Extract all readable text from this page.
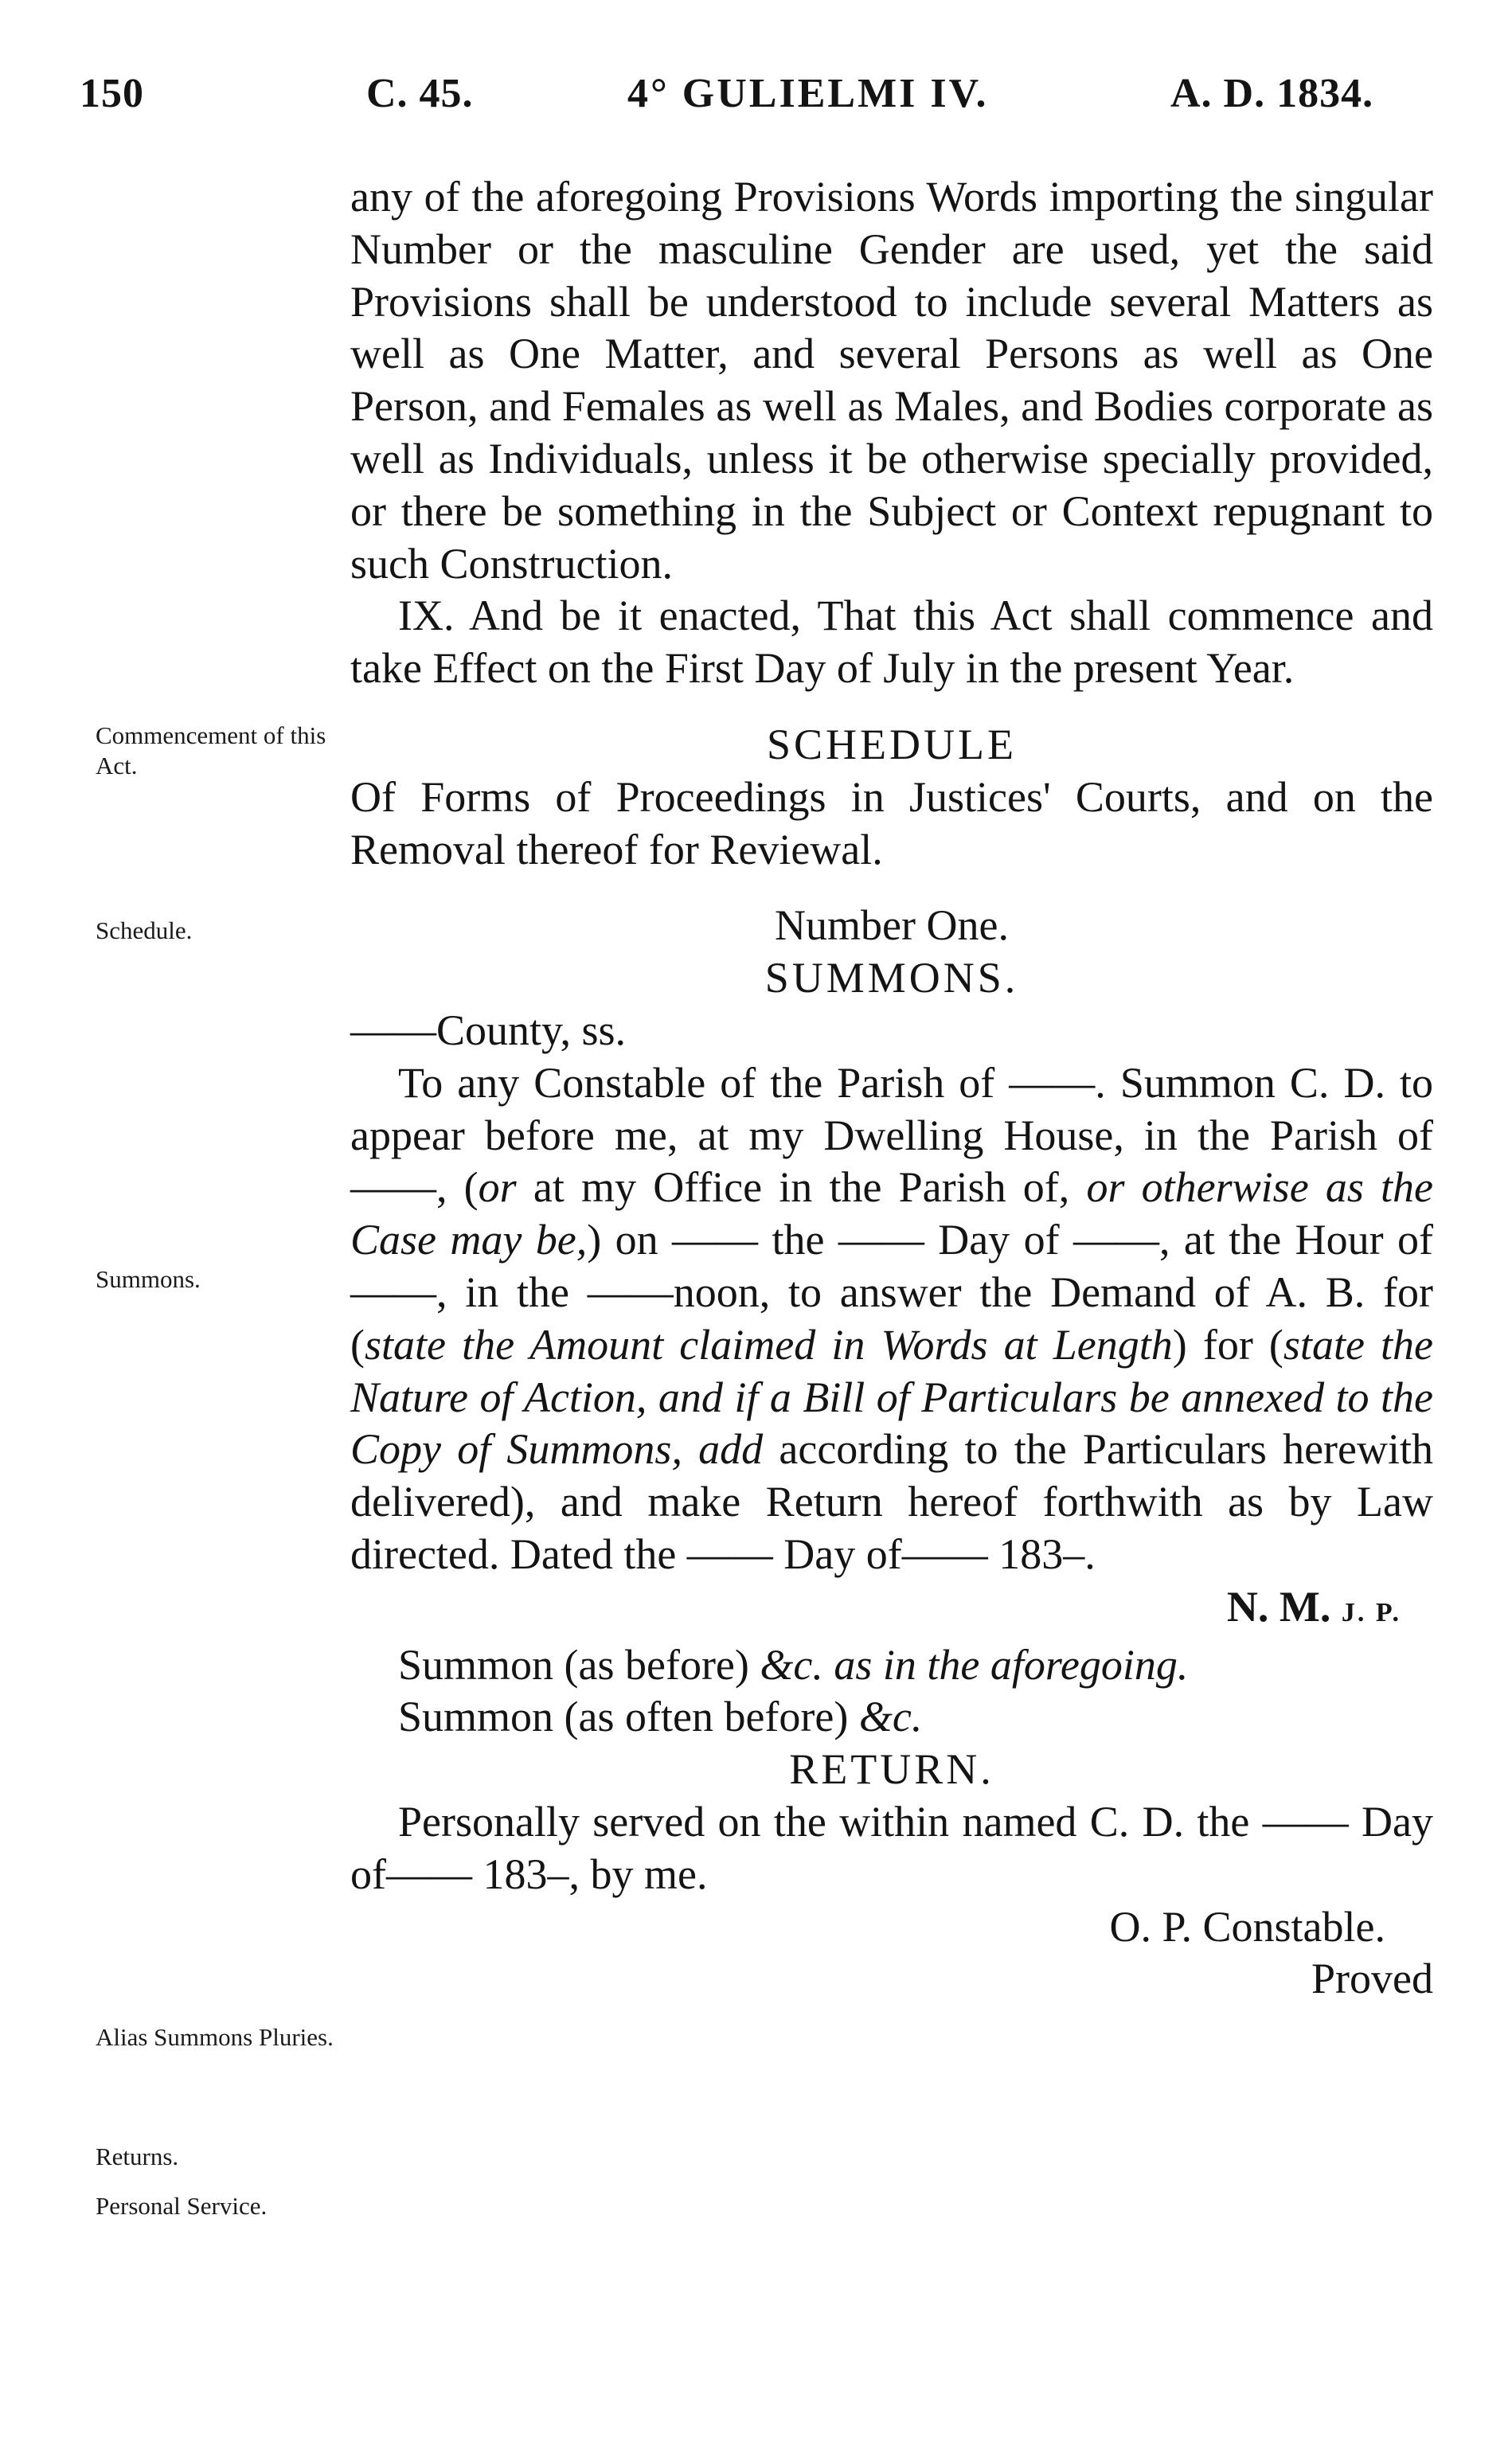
150	C. 45.	4° GULIELMI IV.	A. D. 1834.
Commencement of this Act.
Schedule.
Summons.
Alias Summons Pluries.
Returns.
Personal Service.

any of the aforegoing Provisions Words importing the singular Number or the masculine Gender are used, yet the said Provisions shall be understood to include several Matters as well as One Matter, and several Persons as well as One Person, and Females as well as Males, and Bodies corporate as well as Individuals, unless it be otherwise specially provided, or there be something in the Subject or Context repugnant to such Construction.

IX. And be it enacted, That this Act shall commence and take Effect on the First Day of July in the present Year.

SCHEDULE

Of Forms of Proceedings in Justices' Courts, and on the Removal thereof for Reviewal.

Number One.

SUMMONS.

——County, ss.

To any Constable of the Parish of ——. Summon C. D. to appear before me, at my Dwelling House, in the Parish of——, (or at my Office in the Parish of, or otherwise as the Case may be,) on —— the —— Day of ——, at the Hour of ——, in the ——noon, to answer the Demand of A. B. for (state the Amount claimed in Words at Length) for (state the Nature of Action, and if a Bill of Particulars be annexed to the Copy of Summons, add according to the Particulars herewith delivered), and make Return hereof forthwith as by Law directed. Dated the —— Day of—— 183–.

N. M. J. P.

Summon (as before) &c. as in the aforegoing.

Summon (as often before) &c.

RETURN.

Personally served on the within named C. D. the —— Day of—— 183–, by me.

O. P. Constable.

Proved
